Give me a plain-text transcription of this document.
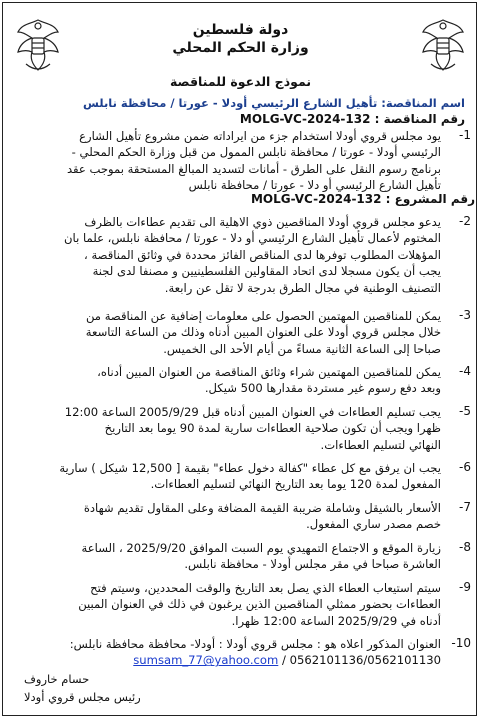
دولة فلسطين
وزارة الحكم المحلي
نموذج الدعوة للمناقصة
اسم المناقصة: تأهيل الشارع الرئيسي أودلا - عورتا / محافظة نابلس
رقم المناقصة : MOLG-VC-2024-132
1-
يود مجلس قروي أودلا استخدام جزء من ايراداته ضمن مشروع تأهيل الشارع
الرئيسي أودلا - عورتا / محافظة نابلس الممول من قبل وزارة الحكم المحلي -
برنامج رسوم النقل على الطرق - أمانات لتسديد المبالغ المستحقة بموجب عقد
تأهيل الشارع الرئيسي أو دلا - عورتا / محافظة نابلس
رقم المشروع : MOLG-VC-2024-132
2-
يدعو مجلس قروي أودلا المناقصين ذوي الاهلية الى تقديم عطاءات بالظرف
المختوم لأعمال تأهيل الشارع الرئيسي أو دلا - عورتا / محافظة نابلس، علما بان
المؤهلات المطلوب توفرها لدى المناقص الفائز محددة في وثائق المناقصة ،
يجب أن يكون مسجلا لدى اتحاد المقاولين الفلسطينيين و مصنفا لدى لجنة
التصنيف الوطنية في مجال الطرق بدرجة لا تقل عن رابعة.
3-
يمكن للمناقصين المهتمين الحصول على معلومات إضافية عن المناقصة من
خلال مجلس قروي أودلا على العنوان المبين أدناه وذلك من الساعة التاسعة
صباحا إلى الساعة الثانية مساءً من أيام الأحد الى الخميس.
4-
يمكن للمناقصين المهتمين شراء وثائق المناقصة من العنوان المبين أدناه،
وبعد دفع رسوم غير مستردة مقدارها 500 شيكل.
5-
يجب تسليم العطاءات في العنوان المبين أدناه قبل 2005/9/29 الساعة 12:00
ظهرا ويجب أن تكون صلاحية العطاءات سارية لمدة 90 يوما بعد التاريخ
النهائي لتسليم العطاءات.
6-
يجب ان يرفق مع كل عطاء "كفالة دخول عطاء" بقيمة [ 12,500 شيكل ) سارية
المفعول لمدة 120 يوما بعد التاريخ النهائي لتسليم العطاءات.
7-
الأسعار بالشيقل وشاملة ضريبة القيمة المضافة وعلى المقاول تقديم شهادة
خصم مصدر ساري المفعول.
8-
زيارة الموقع و الاجتماع التمهيدي يوم السبت الموافق 2025/9/20 ، الساعة
العاشرة صباحا في مقر مجلس أودلا - محافظة نابلس.
9-
سيتم استيعاب العطاء الذي يصل بعد التاريخ والوقت المحددين، وسيتم فتح
العطاءات بحضور ممثلي المناقصين الذين يرغبون في ذلك في العنوان المبين
أدناه في 2025/9/29 الساعة 12:00 ظهرا.
10-
العنوان المذكور اعلاه هو : مجلس قروي أودلا : أودلا- محافظة محافظة نابلس:
0562101136/0562101130 / sumsam_77@yahoo.com
حسام خاروف
رئيس مجلس قروي أودلا
